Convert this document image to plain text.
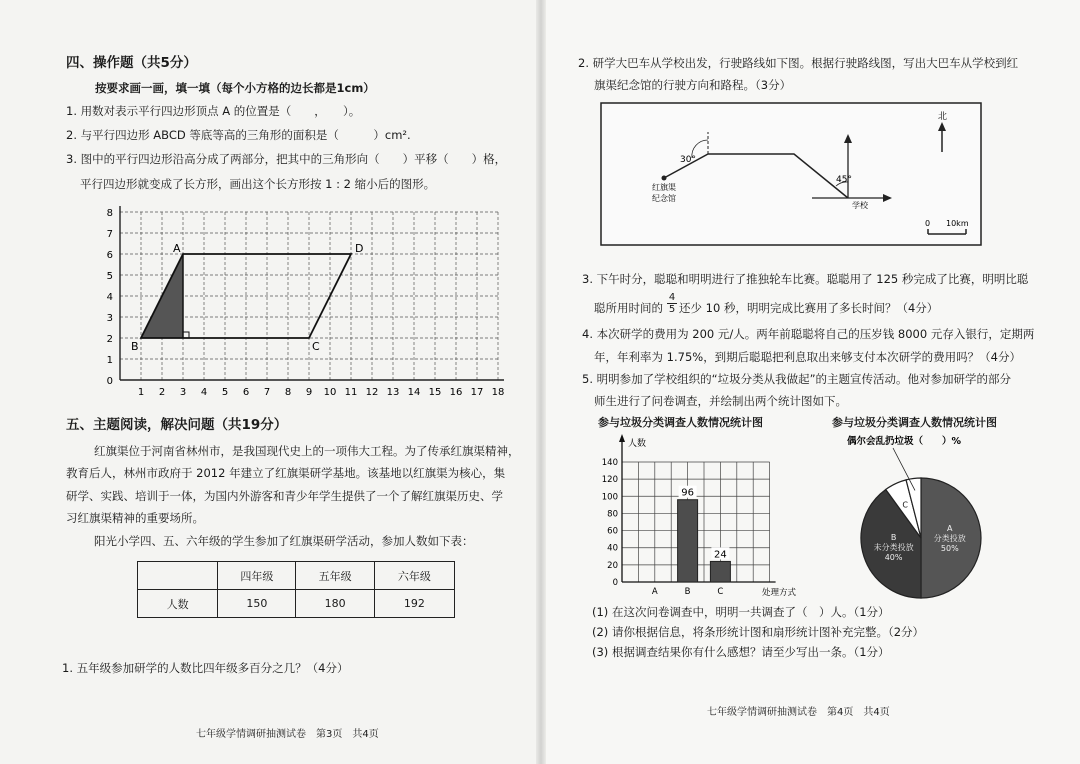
四、操作题（共5分）
按要求画一画，填一填（每个小方格的边长都是1cm）
1. 用数对表示平行四边形顶点 A 的位置是（　　，　　）。
2. 与平行四边形 ABCD 等底等高的三角形的面积是（　　　）cm².
3. 图中的平行四边形沿高分成了两部分，把其中的三角形向（　　）平移（　　）格，
平行四边形就变成了长方形，画出这个长方形按 1 : 2 缩小后的图形。
1 2 3 4 5 6 7 8 9 10 11 12 13 14 15 16 17 18
1
2
3
4
5
6
7
8
0
A
B	C
D
五、主题阅读，解决问题（共19分）
红旗渠位于河南省林州市，是我国现代史上的一项伟大工程。为了传承红旗渠精神，
教育后人，林州市政府于 2012 年建立了红旗渠研学基地。该基地以红旗渠为核心，集
研学、实践、培训于一体，为国内外游客和青少年学生提供了一个了解红旗渠历史、学
习红旗渠精神的重要场所。
阳光小学四、五、六年级的学生参加了红旗渠研学活动，参加人数如下表：
	四年级	五年级	六年级
人数	150	180	192
1. 五年级参加研学的人数比四年级多百分之几？（4分）
七年级学情调研抽测试卷　第3页　共4页
2. 研学大巴车从学校出发，行驶路线如下图。根据行驶路线图，写出大巴车从学校到红
旗渠纪念馆的行驶方向和路程。（3分）
北
30°
45°
红旗渠
纪念馆
学校
0 10km
3. 下午时分，聪聪和明明进行了推独轮车比赛。聪聪用了 125 秒完成了比赛，明明比聪
聪所用时间的
4
5 还少 10 秒，明明完成比赛用了多长时间？（4分）
4. 本次研学的费用为 200 元/人。两年前聪聪将自己的压岁钱 8000 元存入银行，定期两
年，年利率为 1.75%，到期后聪聪把利息取出来够支付本次研学的费用吗？（4分）
5. 明明参加了学校组织的“垃圾分类从我做起”的主题宣传活动。他对参加研学的部分
师生进行了问卷调查，并绘制出两个统计图如下。
参与垃圾分类调查人数情况统计图	参与垃圾分类调查人数情况统计图
0
20
40
60
80
100
120
140
人数
处理方式
A	B
96
C
24
A
分类投放
50%
B
未分类投放
40%
C
偶尔会乱扔垃圾（　　）%
(1) 在这次问卷调查中，明明一共调查了（　）人。（1分）
(2) 请你根据信息，将条形统计图和扇形统计图补充完整。（2分）
(3) 根据调查结果你有什么感想？请至少写出一条。（1分）
七年级学情调研抽测试卷　第4页　共4页
